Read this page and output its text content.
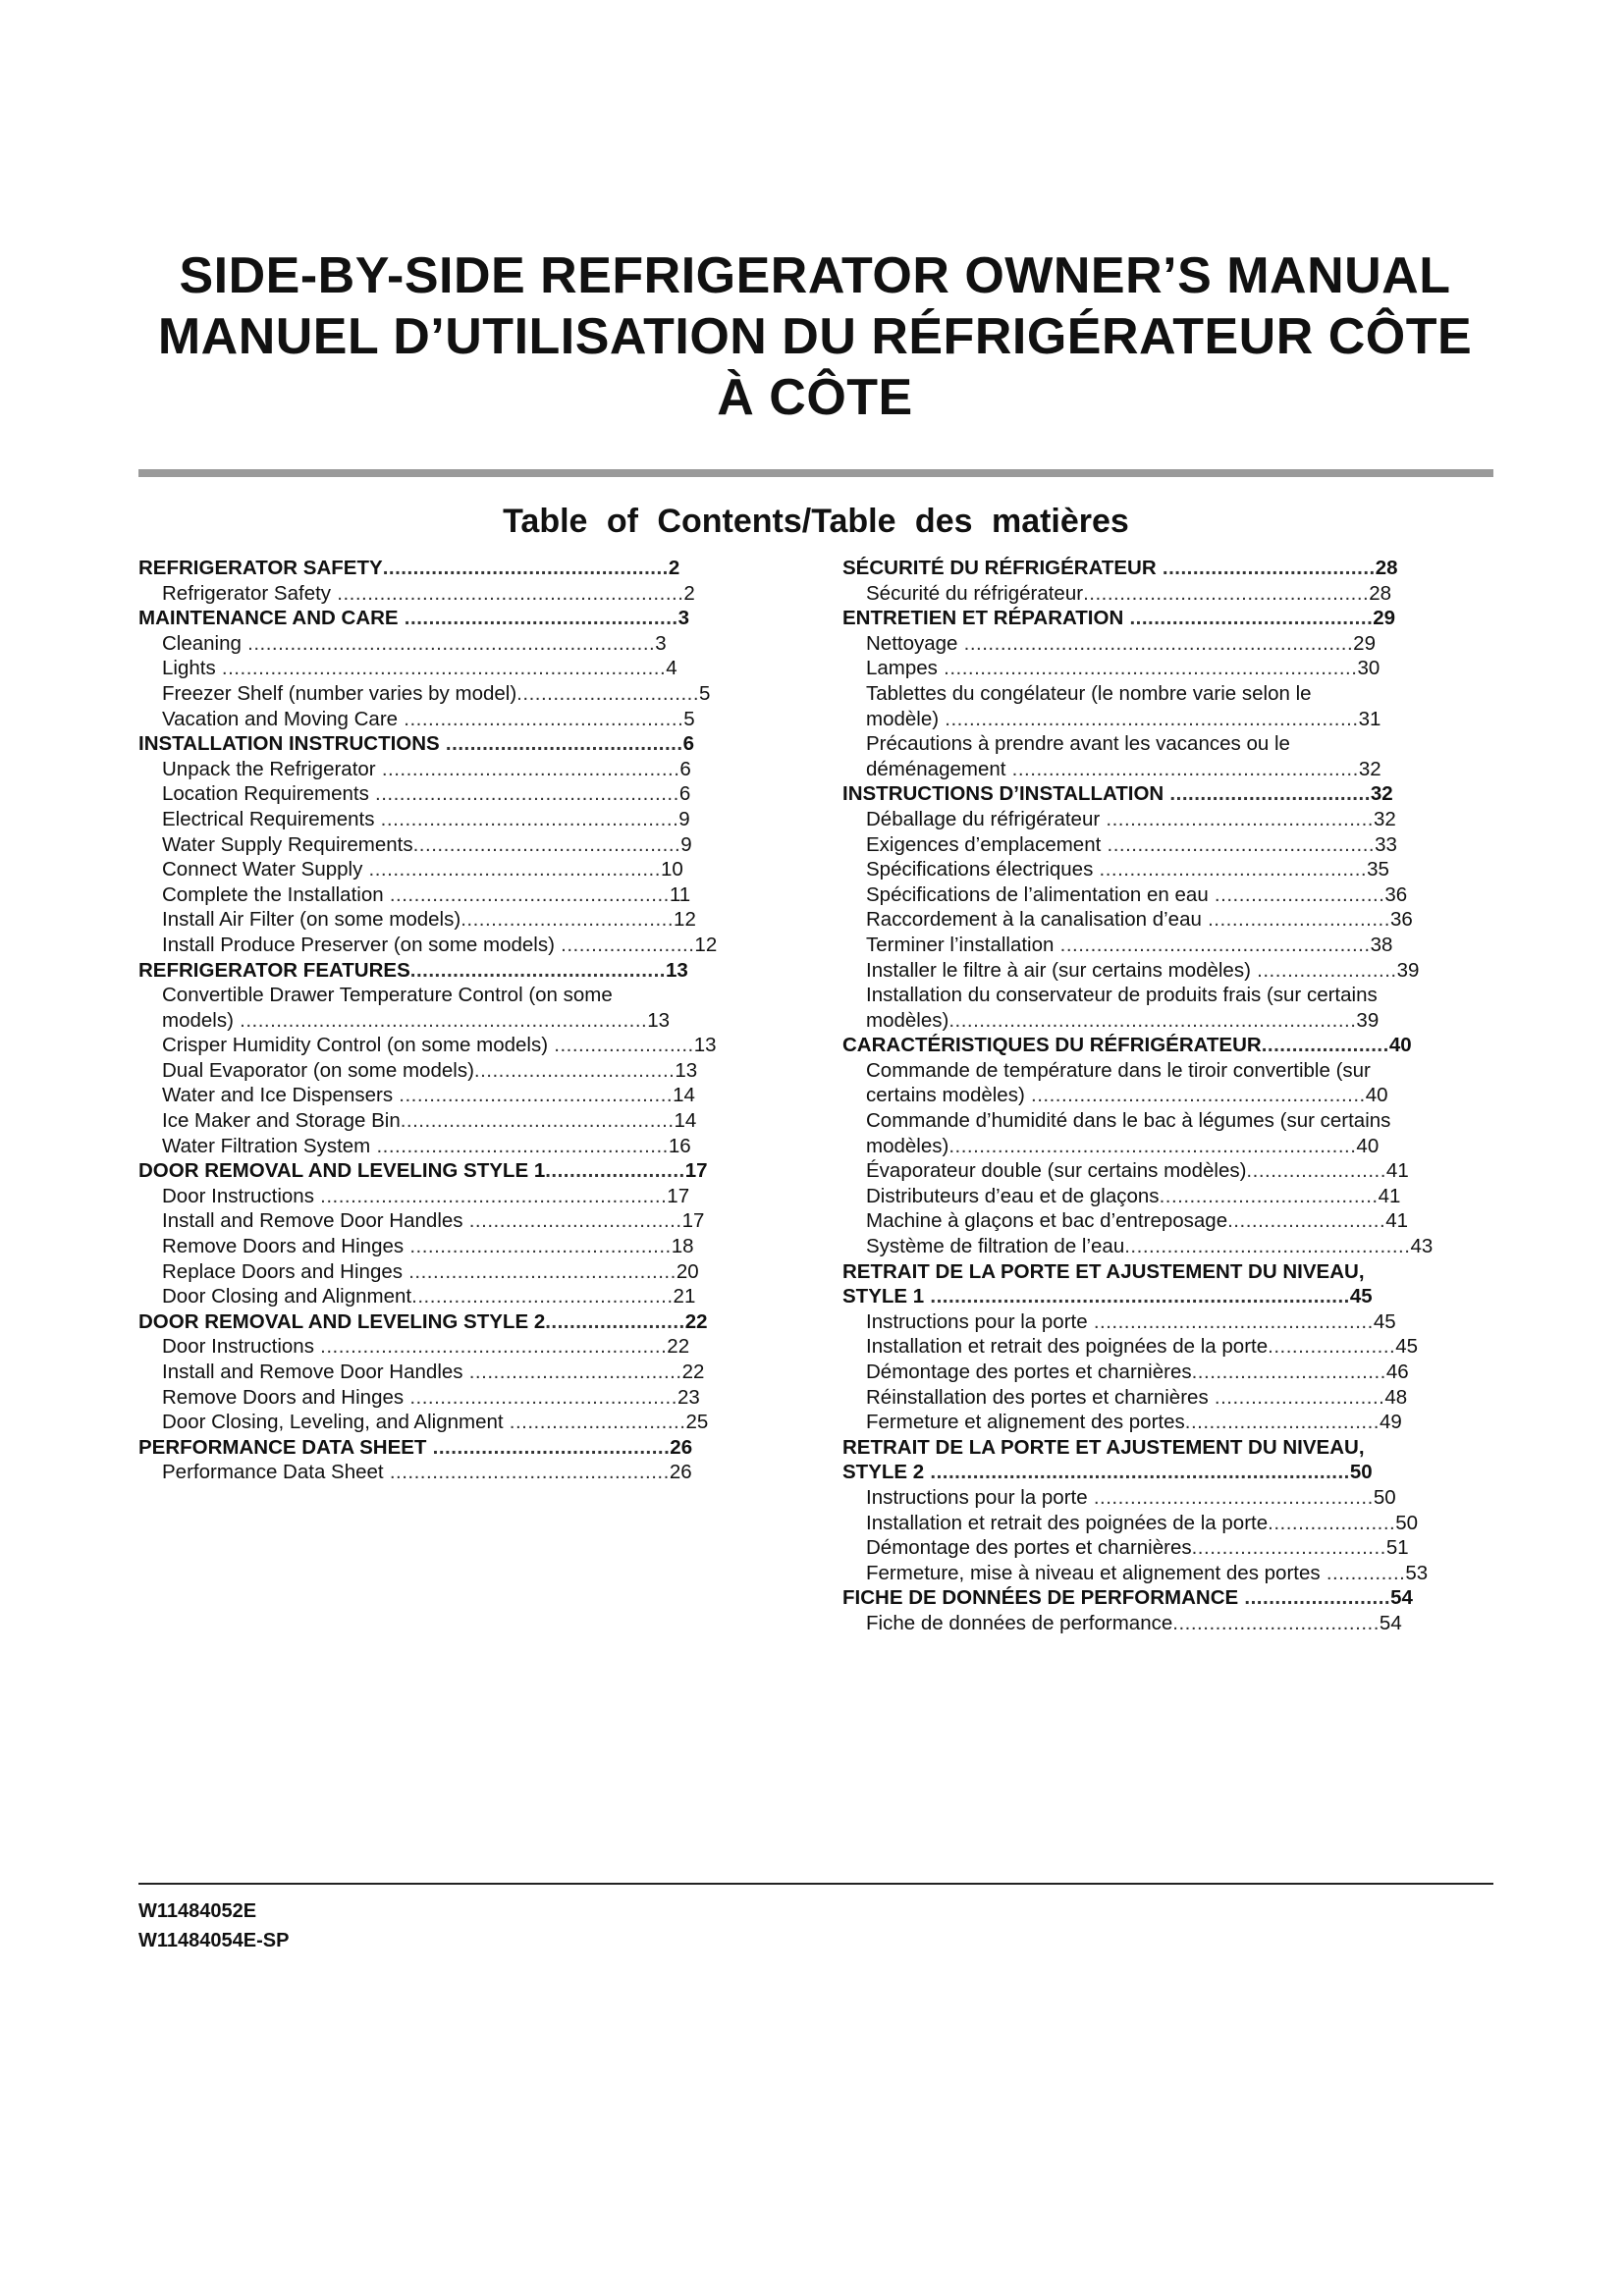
SIDE-BY-SIDE REFRIGERATOR OWNER’S MANUAL
MANUEL D’UTILISATION DU RÉFRIGÉRATEUR CÔTE
À CÔTE
Table of Contents/Table des matières
REFRIGERATOR SAFETY...............................................2
Refrigerator Safety .........................................................2
MAINTENANCE AND CARE .............................................3
Cleaning ...................................................................3
Lights .........................................................................4
Freezer Shelf (number varies by model)..............................5
Vacation and Moving Care ..............................................5
INSTALLATION INSTRUCTIONS .......................................6
Unpack the Refrigerator .................................................6
Location Requirements ..................................................6
Electrical Requirements .................................................9
Water Supply Requirements............................................9
Connect Water Supply ................................................10
Complete the Installation ..............................................11
Install Air Filter (on some models)...................................12
Install Produce Preserver (on some models) ......................12
REFRIGERATOR FEATURES..........................................13
Convertible Drawer Temperature Control (on some
models) ...................................................................13
Crisper Humidity Control (on some models) .......................13
Dual Evaporator (on some models).................................13
Water and Ice Dispensers .............................................14
Ice Maker and Storage Bin.............................................14
Water Filtration System ................................................16
DOOR REMOVAL AND LEVELING STYLE 1.......................17
Door Instructions .........................................................17
Install and Remove Door Handles ...................................17
Remove Doors and Hinges ...........................................18
Replace Doors and Hinges ............................................20
Door Closing and Alignment...........................................21
DOOR REMOVAL AND LEVELING STYLE 2.......................22
Door Instructions .........................................................22
Install and Remove Door Handles ...................................22
Remove Doors and Hinges ............................................23
Door Closing, Leveling, and Alignment .............................25
PERFORMANCE DATA SHEET .......................................26
Performance Data Sheet ..............................................26
SÉCURITÉ DU RÉFRIGÉRATEUR ...................................28
Sécurité du réfrigérateur...............................................28
ENTRETIEN ET RÉPARATION ........................................29
Nettoyage ................................................................29
Lampes ....................................................................30
Tablettes du congélateur (le nombre varie selon le
modèle) ....................................................................31
Précautions à prendre avant les vacances ou le
déménagement .........................................................32
INSTRUCTIONS D’INSTALLATION .................................32
Déballage du réfrigérateur ............................................32
Exigences d’emplacement ............................................33
Spécifications électriques ............................................35
Spécifications de l’alimentation en eau ............................36
Raccordement à la canalisation d’eau ..............................36
Terminer l’installation ...................................................38
Installer le filtre à air (sur certains modèles) .......................39
Installation du conservateur de produits frais (sur certains
modèles)...................................................................39
CARACTÉRISTIQUES DU RÉFRIGÉRATEUR.....................40
Commande de température dans le tiroir convertible (sur
certains modèles) .......................................................40
Commande d’humidité dans le bac à légumes (sur certains
modèles)...................................................................40
Évaporateur double (sur certains modèles).......................41
Distributeurs d’eau et de glaçons....................................41
Machine à glaçons et bac d’entreposage..........................41
Système de filtration de l’eau...............................................43
RETRAIT DE LA PORTE ET AJUSTEMENT DU NIVEAU,
STYLE 1 .....................................................................45
Instructions pour la porte ..............................................45
Installation et retrait des poignées de la porte.....................45
Démontage des portes et charnières................................46
Réinstallation des portes et charnières ............................48
Fermeture et alignement des portes................................49
RETRAIT DE LA PORTE ET AJUSTEMENT DU NIVEAU,
STYLE 2 .....................................................................50
Instructions pour la porte ..............................................50
Installation et retrait des poignées de la porte.....................50
Démontage des portes et charnières................................51
Fermeture, mise à niveau et alignement des portes .............53
FICHE DE DONNÉES DE PERFORMANCE ........................54
Fiche de données de performance..................................54
W11484052E
W11484054E-SP
